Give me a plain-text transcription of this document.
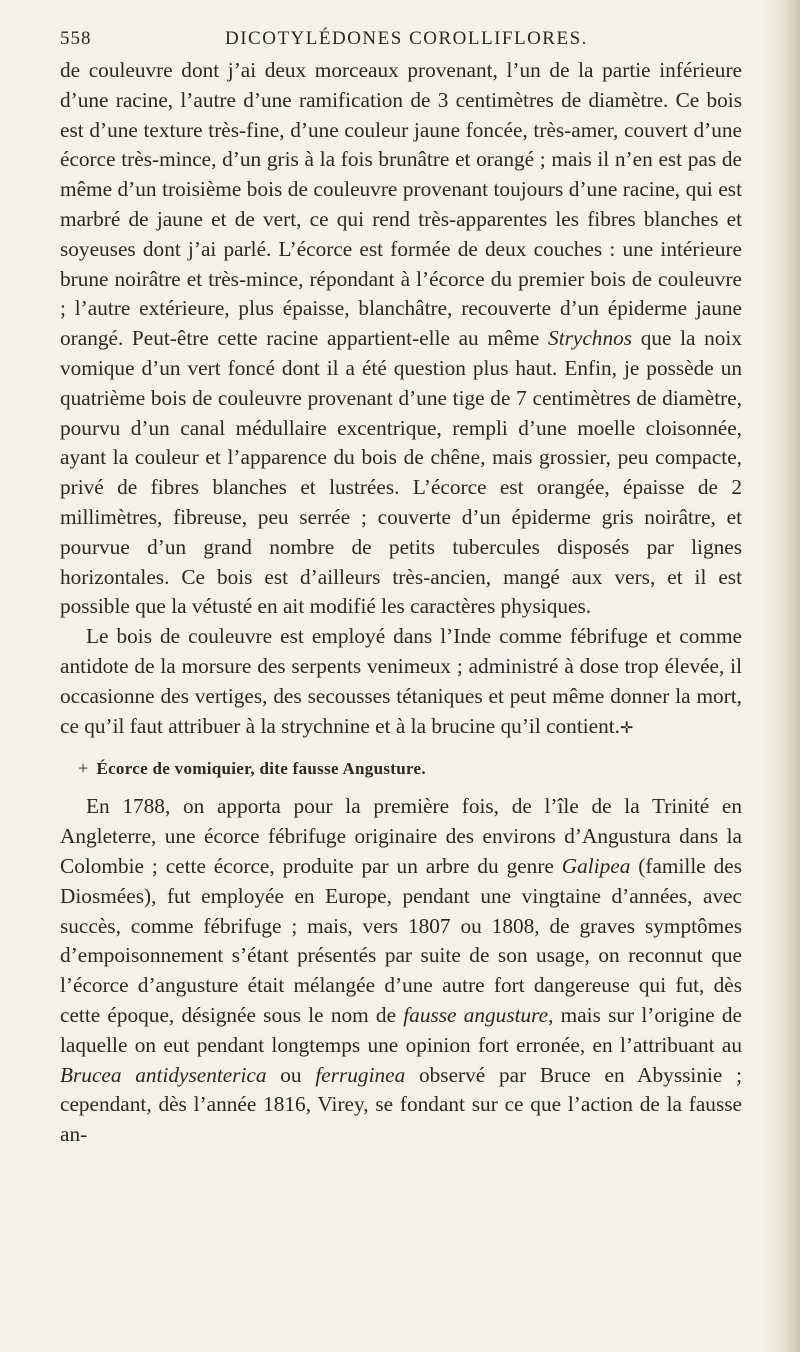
558	DICOTYLÉDONES COROLLIFLORES.

de couleuvre dont j’ai deux morceaux provenant, l’un de la partie inférieure d’une racine, l’autre d’une ramification de 3 centimètres de diamètre. Ce bois est d’une texture très-fine, d’une couleur jaune foncée, très-amer, couvert d’une écorce très-mince, d’un gris à la fois brunâtre et orangé ; mais il n’en est pas de même d’un troisième bois de couleuvre provenant toujours d’une racine, qui est marbré de jaune et de vert, ce qui rend très-apparentes les fibres blanches et soyeuses dont j’ai parlé. L’écorce est formée de deux couches : une intérieure brune noirâtre et très-mince, répondant à l’écorce du premier bois de couleuvre ; l’autre extérieure, plus épaisse, blanchâtre, recouverte d’un épiderme jaune orangé. Peut-être cette racine appartient-elle au même Strychnos que la noix vomique d’un vert foncé dont il a été question plus haut. Enfin, je possède un quatrième bois de couleuvre provenant d’une tige de 7 centimètres de diamètre, pourvu d’un canal médullaire excentrique, rempli d’une moelle cloisonnée, ayant la couleur et l’apparence du bois de chêne, mais grossier, peu compacte, privé de fibres blanches et lustrées. L’écorce est orangée, épaisse de 2 millimètres, fibreuse, peu serrée ; couverte d’un épiderme gris noirâtre, et pourvue d’un grand nombre de petits tubercules disposés par lignes horizontales. Ce bois est d’ailleurs très-ancien, mangé aux vers, et il est possible que la vétusté en ait modifié les caractères physiques.

Le bois de couleuvre est employé dans l’Inde comme fébrifuge et comme antidote de la morsure des serpents venimeux ; administré à dose trop élevée, il occasionne des vertiges, des secousses tétaniques et peut même donner la mort, ce qu’il faut attribuer à la strychnine et à la brucine qu’il contient.✛

+ Écorce de vomiquier, dite fausse Angusture.

En 1788, on apporta pour la première fois, de l’île de la Trinité en Angleterre, une écorce fébrifuge originaire des environs d’Angustura dans la Colombie ; cette écorce, produite par un arbre du genre Galipea (famille des Diosmées), fut employée en Europe, pendant une vingtaine d’années, avec succès, comme fébrifuge ; mais, vers 1807 ou 1808, de graves symptômes d’empoisonnement s’étant présentés par suite de son usage, on reconnut que l’écorce d’angusture était mélangée d’une autre fort dangereuse qui fut, dès cette époque, désignée sous le nom de fausse angusture, mais sur l’origine de laquelle on eut pendant longtemps une opinion fort erronée, en l’attribuant au Brucea antidysenterica ou ferruginea observé par Bruce en Abyssinie ; cependant, dès l’année 1816, Virey, se fondant sur ce que l’action de la fausse an-
